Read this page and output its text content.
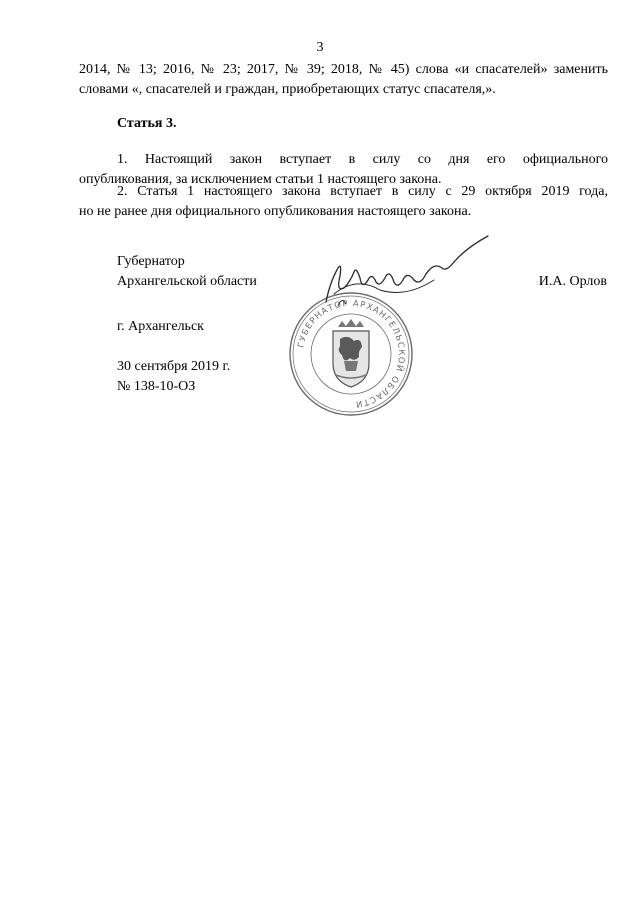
3
2014, № 13; 2016, № 23; 2017, № 39; 2018, № 45) слова «и спасателей» заменить
словами «, спасателей и граждан, приобретающих статус спасателя,».
Статья 3.
1. Настоящий закон вступает в силу со дня его официального
опубликования, за исключением статьи 1 настоящего закона.
2. Статья 1 настоящего закона вступает в силу с 29 октября 2019 года,
но не ранее дня официального опубликования настоящего закона.
Губернатор
Архангельской области	И.А. Орлов
ГУБЕРНАТОР АРХАНГЕЛЬСКОЙ ОБЛАСТИ
г. Архангельск
30 сентября 2019 г.
№ 138-10-ОЗ
